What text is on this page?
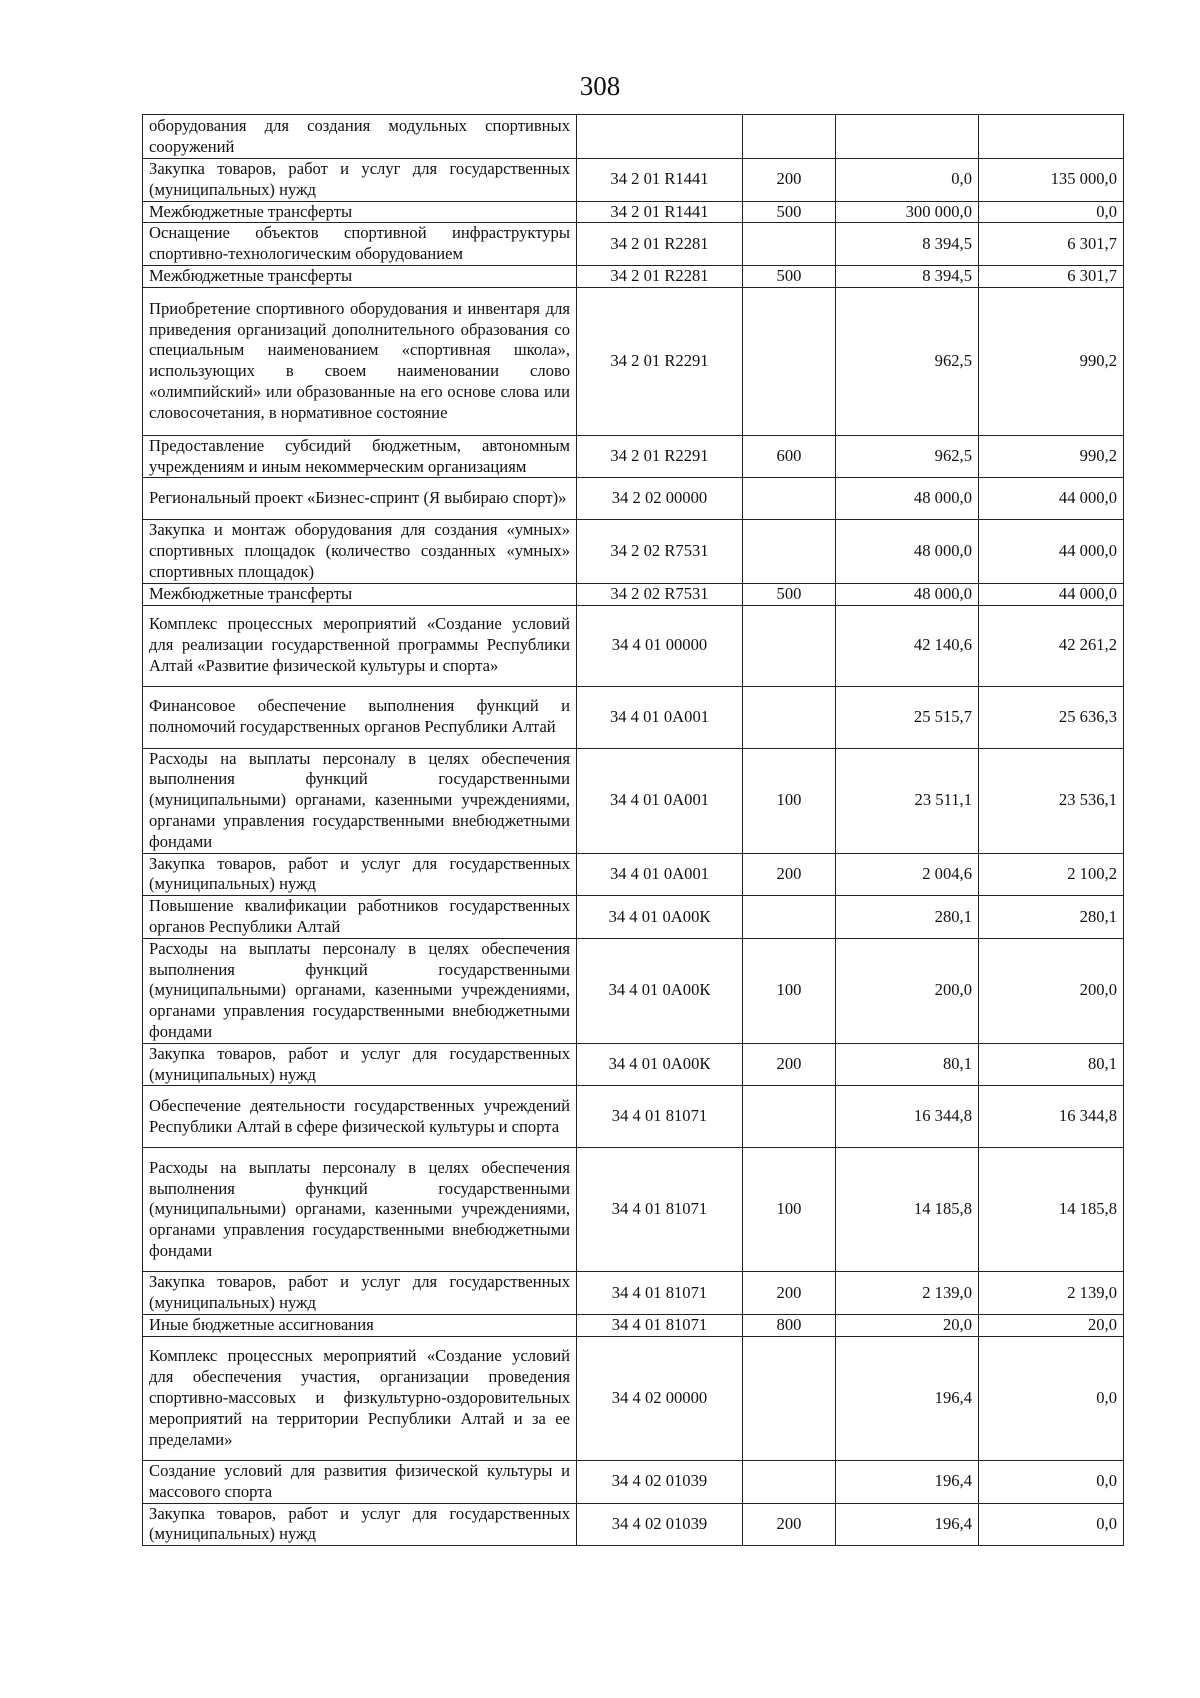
308
оборудования для создания модульных спортивных сооружений				
Закупка товаров, работ и услуг для государственных (муниципальных) нужд	34 2 01 R1441	200	0,0	135 000,0
Межбюджетные трансферты	34 2 01 R1441	500	300 000,0	0,0
Оснащение объектов спортивной инфраструктуры спортивно-технологическим оборудованием	34 2 01 R2281		8 394,5	6 301,7
Межбюджетные трансферты	34 2 01 R2281	500	8 394,5	6 301,7
Приобретение спортивного оборудования и инвентаря для приведения организаций дополнительного образования со специальным наименованием «спортивная школа», использующих в своем наименовании слово «олимпийский» или образованные на его основе слова или словосочетания, в нормативное состояние	34 2 01 R2291		962,5	990,2
Предоставление субсидий бюджетным, автономным учреждениям и иным некоммерческим организациям	34 2 01 R2291	600	962,5	990,2
Региональный проект «Бизнес-спринт (Я выбираю спорт)»	34 2 02 00000		48 000,0	44 000,0
Закупка и монтаж оборудования для создания «умных» спортивных площадок (количество созданных «умных» спортивных площадок)	34 2 02 R7531		48 000,0	44 000,0
Межбюджетные трансферты	34 2 02 R7531	500	48 000,0	44 000,0
Комплекс процессных мероприятий «Создание условий для реализации государственной программы Республики Алтай «Развитие физической культуры и спорта»	34 4 01 00000		42 140,6	42 261,2
Финансовое обеспечение выполнения функций и полномочий государственных органов Республики Алтай	34 4 01 0А001		25 515,7	25 636,3
Расходы на выплаты персоналу в целях обеспечения выполнения функций государственными (муниципальными) органами, казенными учреждениями, органами управления государственными внебюджетными фондами	34 4 01 0А001	100	23 511,1	23 536,1
Закупка товаров, работ и услуг для государственных (муниципальных) нужд	34 4 01 0А001	200	2 004,6	2 100,2
Повышение квалификации работников государственных органов Республики Алтай	34 4 01 0А00К		280,1	280,1
Расходы на выплаты персоналу в целях обеспечения выполнения функций государственными (муниципальными) органами, казенными учреждениями, органами управления государственными внебюджетными фондами	34 4 01 0А00К	100	200,0	200,0
Закупка товаров, работ и услуг для государственных (муниципальных) нужд	34 4 01 0А00К	200	80,1	80,1
Обеспечение деятельности государственных учреждений Республики Алтай в сфере физической культуры и спорта	34 4 01 81071		16 344,8	16 344,8
Расходы на выплаты персоналу в целях обеспечения выполнения функций государственными (муниципальными) органами, казенными учреждениями, органами управления государственными внебюджетными фондами	34 4 01 81071	100	14 185,8	14 185,8
Закупка товаров, работ и услуг для государственных (муниципальных) нужд	34 4 01 81071	200	2 139,0	2 139,0
Иные бюджетные ассигнования	34 4 01 81071	800	20,0	20,0
Комплекс процессных мероприятий «Создание условий для обеспечения участия, организации проведения спортивно-массовых и физкультурно-оздоровительных мероприятий на территории Республики Алтай и за ее пределами»	34 4 02 00000		196,4	0,0
Создание условий для развития физической культуры и массового спорта	34 4 02 01039		196,4	0,0
Закупка товаров, работ и услуг для государственных (муниципальных) нужд	34 4 02 01039	200	196,4	0,0
